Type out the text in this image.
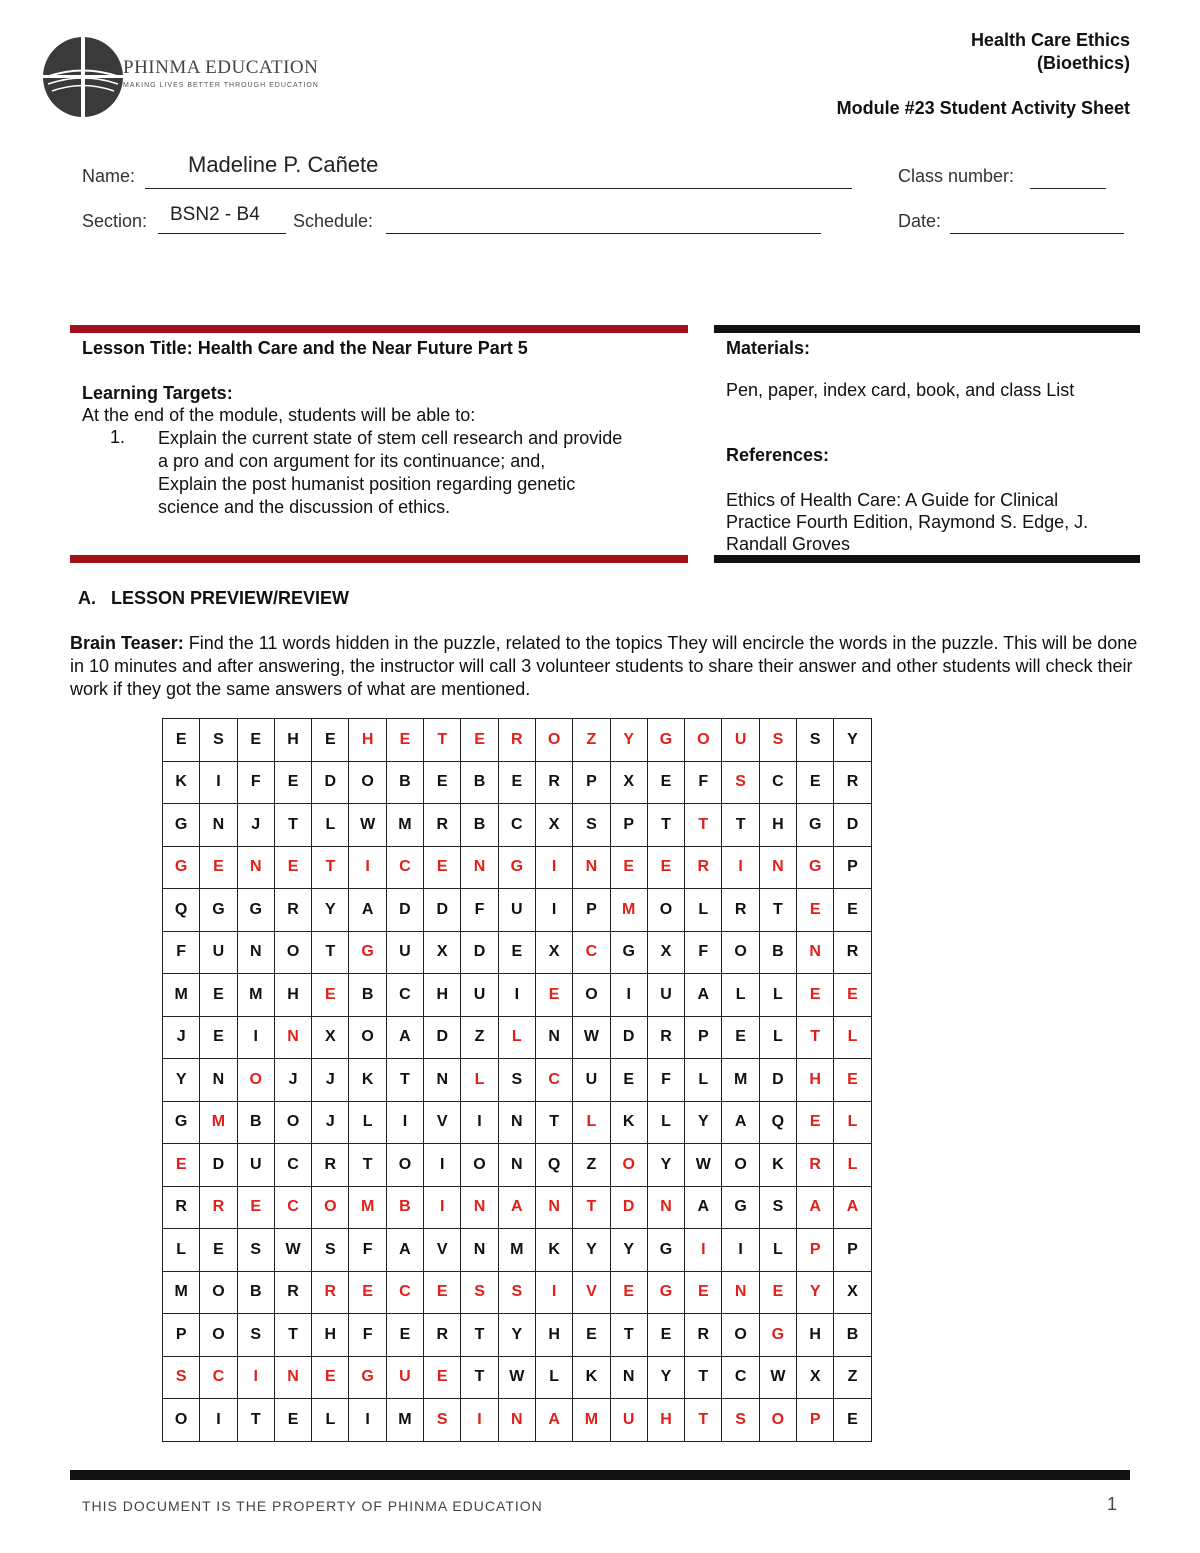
PHINMA EDUCATION
MAKING LIVES BETTER THROUGH EDUCATION
Health Care Ethics
(Bioethics)
Module #23 Student Activity Sheet
Name: Madeline P. Cañete	Class number:
Section: BSN2 - B4 Schedule:	Date:
Lesson Title: Health Care and the Near Future Part 5
Learning Targets:
At the end of the module, students will be able to:
1. Explain the current state of stem cell research and provide
a pro and con argument for its continuance; and,
Explain the post humanist position regarding genetic
science and the discussion of ethics.
Materials:
Pen, paper, index card, book, and class List
References:
Ethics of Health Care: A Guide for Clinical
Practice Fourth Edition, Raymond S. Edge, J.
Randall Groves
A.   LESSON PREVIEW/REVIEW
Brain Teaser: Find the 11 words hidden in the puzzle, related to the topics They will encircle the words in the puzzle. This will be done in 10 minutes and after answering, the instructor will call 3 volunteer students to share their answer and other students will check their work if they got the same answers of what are mentioned.
E	S	E	H	E	H	E	T	E	R	O	Z	Y	G	O	U	S	S	Y
K	I	F	E	D	O	B	E	B	E	R	P	X	E	F	S	C	E	R
G	N	J	T	L	W	M	R	B	C	X	S	P	T	T	T	H	G	D
G	E	N	E	T	I	C	E	N	G	I	N	E	E	R	I	N	G	P
Q	G	G	R	Y	A	D	D	F	U	I	P	M	O	L	R	T	E	E
F	U	N	O	T	G	U	X	D	E	X	C	G	X	F	O	B	N	R
M	E	M	H	E	B	C	H	U	I	E	O	I	U	A	L	L	E	E
J	E	I	N	X	O	A	D	Z	L	N	W	D	R	P	E	L	T	L
Y	N	O	J	J	K	T	N	L	S	C	U	E	F	L	M	D	H	E
G	M	B	O	J	L	I	V	I	N	T	L	K	L	Y	A	Q	E	L
E	D	U	C	R	T	O	I	O	N	Q	Z	O	Y	W	O	K	R	L
R	R	E	C	O	M	B	I	N	A	N	T	D	N	A	G	S	A	A
L	E	S	W	S	F	A	V	N	M	K	Y	Y	G	I	I	L	P	P
M	O	B	R	R	E	C	E	S	S	I	V	E	G	E	N	E	Y	X
P	O	S	T	H	F	E	R	T	Y	H	E	T	E	R	O	G	H	B
S	C	I	N	E	G	U	E	T	W	L	K	N	Y	T	C	W	X	Z
O	I	T	E	L	I	M	S	I	N	A	M	U	H	T	S	O	P	E
THIS DOCUMENT IS THE PROPERTY OF PHINMA EDUCATION	1
